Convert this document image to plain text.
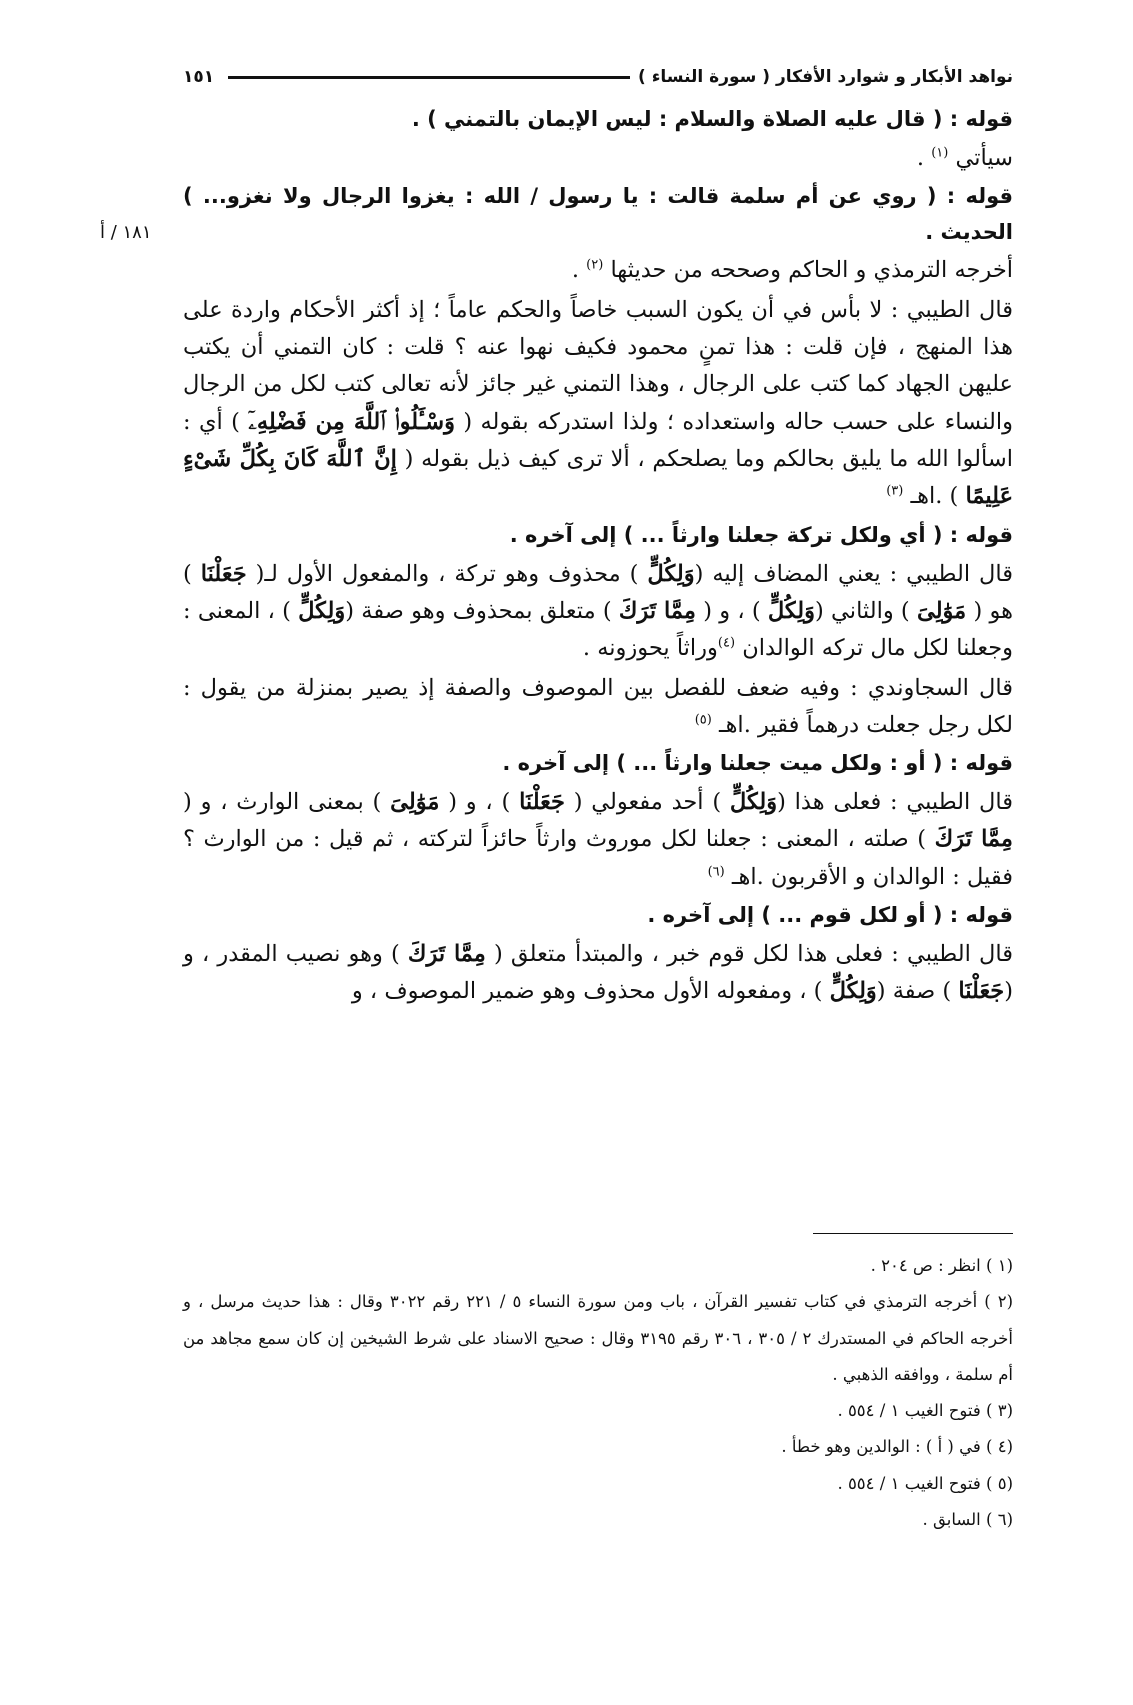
نواهد الأبكار و شوارد الأفكار ( سورة النساء )
١٥١
١٨١ / أ

قوله : ( قال عليه الصلاة والسلام : ليس الإيمان بالتمني ) .

سيأتي $^{(١)}$ .

قوله : ( روي عن أم سلمة قالت : يا رسول / الله : يغزوا الرجال ولا نغزو... ) الحديث .

أخرجه الترمذي و الحاكم وصححه من حديثها $^{(٢)}$ .

قال الطيبي : لا بأس في أن يكون السبب خاصاً والحكم عاماً ؛ إذ أكثر الأحكام واردة على هذا المنهج ، فإن قلت : هذا تمنٍ محمود فكيف نهوا عنه ؟ قلت : كان التمني أن يكتب عليهن الجهاد كما كتب على الرجال ، وهذا التمني غير جائز لأنه تعالى كتب لكل من الرجال والنساء على حسب حاله واستعداده ؛ ولذا استدركه بقوله ( وَسْـَٔلُوا۟ ٱللَّهَ مِن فَضْلِهِۦٓ ) أي : اسألوا الله ما يليق بحالكم وما يصلحكم ، ألا ترى كيف ذيل بقوله ( إِنَّ ٱللَّهَ كَانَ بِكُلِّ شَىْءٍ عَلِيمًا ) .اهـ $^{(٣)}$

قوله : ( أي ولكل تركة جعلنا وارثاً ... ) إلى آخره .

قال الطيبي : يعني المضاف إليه (وَلِكُلٍّ ) محذوف وهو تركة ، والمفعول الأول لـ( جَعَلْنَا ) هو ( مَوَٰلِىَ ) والثاني (وَلِكُلٍّ ) ، و ( مِمَّا تَرَكَ ) متعلق بمحذوف وهو صفة (وَلِكُلٍّ ) ، المعنى : وجعلنا لكل مال تركه الوالدان $^{(٤)}$وراثاً يحوزونه .

قال السجاوندي : وفيه ضعف للفصل بين الموصوف والصفة إذ يصير بمنزلة من يقول : لكل رجل جعلت درهماً فقير .اهـ $^{(٥)}$

قوله : ( أو : ولكل ميت جعلنا وارثاً ... ) إلى آخره .

قال الطيبي : فعلى هذا (وَلِكُلٍّ ) أحد مفعولي ( جَعَلْنَا ) ، و ( مَوَٰلِىَ ) بمعنى الوارث ، و ( مِمَّا تَرَكَ ) صلته ، المعنى : جعلنا لكل موروث وارثاً حائزاً لتركته ، ثم قيل : من الوارث ؟فقيل : الوالدان و الأقربون .اهـ $^{(٦)}$

قوله : ( أو لكل قوم ... ) إلى آخره .

قال الطيبي : فعلى هذا لكل قوم خبر ، والمبتدأ متعلق ( مِمَّا تَرَكَ ) وهو نصيب المقدر ، و (جَعَلْنَا ) صفة (وَلِكُلٍّ ) ، ومفعوله الأول محذوف وهو ضمير الموصوف ، و

(١ ) انظر : ص ٢٠٤ .

(٢ ) أخرجه الترمذي في كتاب تفسير القرآن ، باب ومن سورة النساء ٥ / ٢٢١ رقم ٣٠٢٢ وقال : هذا حديث مرسل ، و أخرجه الحاكم في المستدرك ٢ / ٣٠٥ ، ٣٠٦ رقم ٣١٩٥ وقال : صحيح الاسناد على شرط الشيخين إن كان سمع مجاهد من أم سلمة ، ووافقه الذهبي .

(٣ ) فتوح الغيب ١ / ٥٥٤ .

(٤ ) في ( أ ) : الوالدين وهو خطأ .

(٥ ) فتوح الغيب ١ / ٥٥٤ .

(٦ ) السابق .
